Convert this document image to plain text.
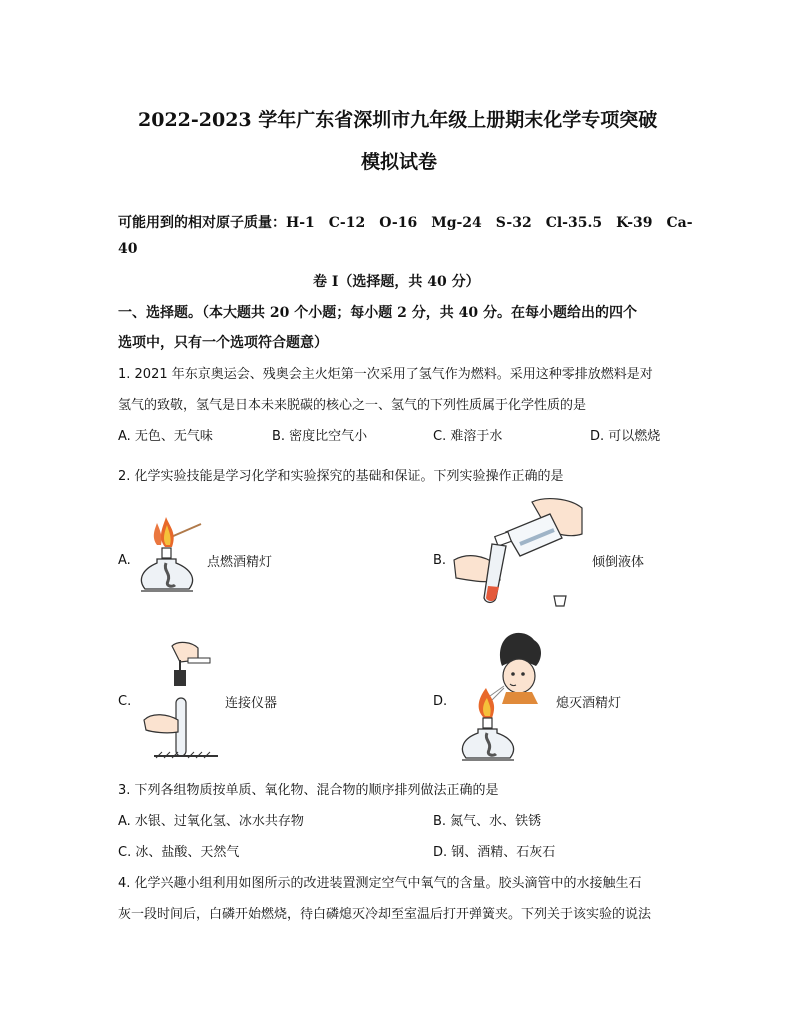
2022-2023 学年广东省深圳市九年级上册期末化学专项突破
模拟试卷
可能用到的相对原子质量：H-1　C-12　O-16　Mg-24　S-32　Cl-35.5　K-39　Ca-
40
卷 I（选择题，共 40 分）
一、选择题。（本大题共 20 个小题；每小题 2 分，共 40 分。在每小题给出的四个
选项中，只有一个选项符合题意）
1. 2021 年东京奥运会、残奥会主火炬第一次采用了氢气作为燃料。采用这种零排放燃料是对
氢气的致敬，氢气是日本未来脱碳的核心之一、氢气的下列性质属于化学性质的是
A. 无色、无气味	B. 密度比空气小	C. 难溶于水	D. 可以燃烧
2. 化学实验技能是学习化学和实验探究的基础和保证。下列实验操作正确的是
A.	点燃酒精灯	B.	倾倒液体
C.	连接仪器	D.	熄灭酒精灯
3. 下列各组物质按单质、氧化物、混合物的顺序排列做法正确的是
A. 水银、过氧化氢、冰水共存物	B. 氮气、水、铁锈
C. 冰、盐酸、天然气	D. 钢、酒精、石灰石
4. 化学兴趣小组利用如图所示的改进装置测定空气中氧气的含量。胶头滴管中的水接触生石
灰一段时间后，白磷开始燃烧，待白磷熄灭冷却至室温后打开弹簧夹。下列关于该实验的说法
